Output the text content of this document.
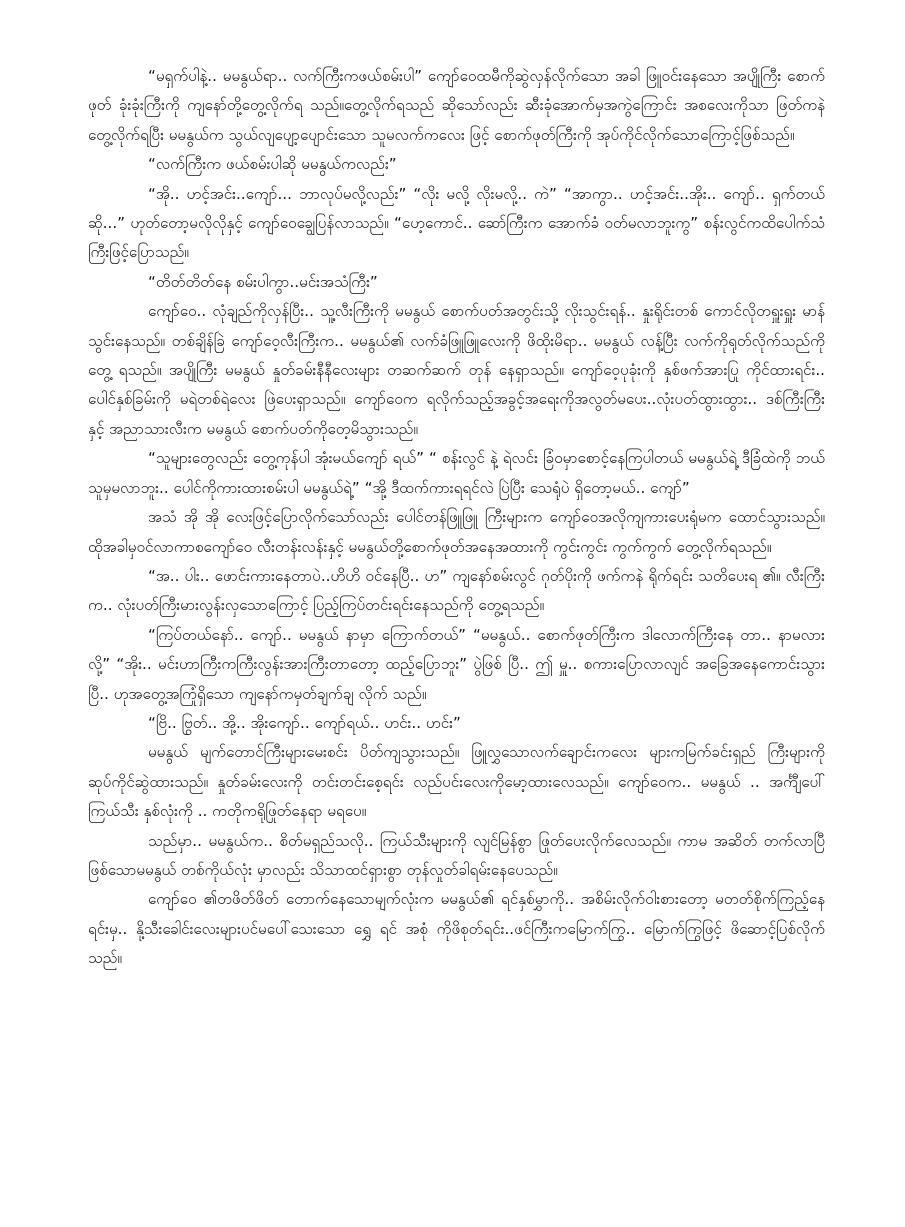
“မရှက်ပါနဲ့.. မမနွယ်ရာ.. လက်ကြီးကဖယ်စမ်းပါ” ကျော်ဝေထမီကိုဆွဲလှန်လိုက်သော အခါ ဖြူဝင်းနေသော အပျိုကြီး စောက်ဖုတ် ခုံးခုံးကြီးကို ကျနော်တို့တွေ့လိုက်ရ သည်။တွေ့လိုက်ရသည် ဆိုသော်လည်း ဆီးခုံအောက်မှအကွဲကြောင်း အစလေးကိုသာ ဖြတ်ကနဲတွေ့လိုက်ရပြီး မမနွယ်က သွယ်လျပျော့ပျောင်းသော သူမလက်ကလေး ဖြင့် စောက်ဖုတ်ကြီးကို အုပ်ကိုင်လိုက်သောကြောင့်ဖြစ်သည်။

“လက်ကြီးက ဖယ်စမ်းပါဆို မမနွယ်ကလည်း”

“အို.. ဟင့်အင်း..ကျော်... ဘာလုပ်မလို့လည်း” “လိုး မလို့ လိုးမလို့.. ကဲ” “အာကွာ.. ဟင့်အင်း..အိုး.. ကျော်.. ရှက်တယ်ဆို...” ဟုတ်တော့မလိုလိုနှင့် ကျော်ဝေချွေပြန်လာသည်။ “ဟေ့ကောင်.. ဆော်ကြီးက အောက်ခံ ဝတ်မလာဘူးကွ” စန်းလွင်ကထိပေါက်သံ ကြီးဖြင့်ပြောသည်။

“တိတ်တိတ်နေ စမ်းပါကွာ..မင်းအသံကြီး”

ကျော်ဝေ.. လုံချည်ကိုလှန်ပြီး.. သူ့လီးကြီးကို မမနွယ် စောက်ပတ်အတွင်းသို့ လိုးသွင်းရန်.. နှုးရိုင်းတစ် ကောင်လိုတရှူးရှူး မာန်သွင်းနေသည်။ တစ်ချိန်ခြဲ ကျော်ဝေ့လီးကြီးက.. မမနွယ်၏ လက်ခံဖြူဖြူလေးကို ဖိထိုးမိရာ.. မမနွယ် လန့်ပြီး လက်ကိုရုတ်လိုက်သည်ကိုတွေ့ ရသည်။ အပျိုကြီး မမနွယ် နှုတ်ခမ်းနီနီလေးများ တဆက်ဆက် တုန် နေရှာသည်။ ကျော်ဝေ့ပုခုံးကို နှစ်ဖက်အားပြု ကိုင်ထားရင်း.. ပေါင်နှစ်ခြမ်းကို မရဲတစ်ရဲလေး ဖြဲပေးရှာသည်။ ကျော်ဝေက ရလိုက်သည့်အခွင့်အရေးကိုအလွတ်မပေး..လုံးပတ်ထွားထွား.. ဒစ်ကြီးကြီး နှင့် အညာသားလီးက မမနွယ် စောက်ပတ်ကိုတေ့မိသွားသည်။

“သူများတွေလည်း တွေ့ကုန်ပါ အုံးမယ်ကျော် ရယ်” “ စန်းလွင် နဲ့ ရဲလင်း ခြံဝမှာစောင့်နေကြပါတယ် မမနွယ်ရဲ့ ဒီခြံထဲကို ဘယ်သူမှမလာဘူး.. ပေါင်ကိုကားထားစမ်းပါ မမနွယ်ရဲ့” “အို့ ဒီထက်ကားရရင်လဲ ပြဲပြီး သေရုံပဲ ရှိတော့မယ်.. ကျော်”

အသံ အို အို လေးဖြင့်ပြောလိုက်သော်လည်း ပေါင်တန်ဖြူဖြူ ကြီးများက ကျော်ဝေအလိုကျကားပေးရုံမက ထောင်သွားသည်။ ထိုအခါမှဝင်လာကာစကျော်ဝေ လီးတန်းလန်းနှင့် မမနွယ်တို့စောက်ဖုတ်အနေအထားကို ကွင်းကွင်း ကွက်ကွက် တွေ့လိုက်ရသည်။

“အ.. ပါး.. ဖောင်းကားနေတာပဲ..ဟိဟိ ဝင်နေပြီ.. ဟ” ကျနော်စမ်းလွင် ဂုတ်ပိုးကို ဖက်ကနဲ ရိုက်ရင်း သတိပေးရ ၏။ လီးကြီးက.. လုံးပတ်ကြီးမားလွန်းလှသောကြောင့် ပြည့်ကြပ်တင်းရင်းနေသည်ကို တွေ့ရသည်။

“ကြပ်တယ်နော်.. ကျော်.. မမနွယ် နာမှာ ကြောက်တယ်” “မမနွယ်.. စောက်ဖုတ်ကြီးက ဒါလောက်ကြီးနေ တာ.. နာမလားလို့” “အိုး.. မင်းဟာကြီးကကြီးလွန်းအားကြီးတာတော့ ထည့်ပြောဘူး” ပွဲဖြစ် ပြီ.. ဤ မှူ.. စကားပြောလာလျင် အခြေအနေကောင်းသွားပြီ.. ဟုအတွေ့အကြုံရှိသော ကျနော်ကမှတ်ချက်ချ လိုက် သည်။

“ဗြိ.. ဗြွတ်.. အို့.. အိုးကျော်.. ကျော်ရယ်.. ဟင်း.. ဟင်း”

မမနွယ် မျက်တောင်ကြီးများမေးစင်း ပိတ်ကျသွားသည်။ ဖြူလွှသောလက်ချောင်းကလေး များကမြက်ခင်းရှည် ကြီးများကို ဆုပ်ကိုင်ဆွဲထားသည်။ နှုတ်ခမ်းလေးကို တင်းတင်းစေ့ရင်း လည်ပင်းလေးကိုမော့ထားလေသည်။ ကျော်ဝေက.. မမနွယ် .. အင်္ကျီပေါ်ကြယ်သီး နှစ်လုံးကို .. ကတိုကရိုဖြုတ်နေရာ မရပေ။

သည်မှာ.. မမနွယ်က.. စိတ်မရှည်သလို.. ကြယ်သီးများကို လျင်မြန်စွာ ဖြုတ်ပေးလိုက်လေသည်။ ကာမ အဆိတ် တက်လာပြီ ဖြစ်သောမမနွယ် တစ်ကိုယ်လုံး မှာလည်း သိသာထင်ရှားစွာ တုန်လှုတ်ခါရမ်းနေပေသည်။

ကျော်ဝေ ၏တဖိတ်ဖိတ် တောက်နေသောမျက်လုံးက မမနွယ်၏ ရင်နှစ်မွှာကို.. အစိမ်းလိုက်ဝါးစားတော့ မတတ်စိုက်ကြည့်နေရင်းမှ.. နို့သီးခေါင်းလေးများပင်မပေါ်သေးသော ရွှေ ရင် အစုံ ကိုဖိစုတ်ရင်း..ဖင်ကြီးကမြောက်ကြွ.. မြောက်ကြွဖြင့် ဖိဆောင့်ပြစ်လိုက်သည်။
